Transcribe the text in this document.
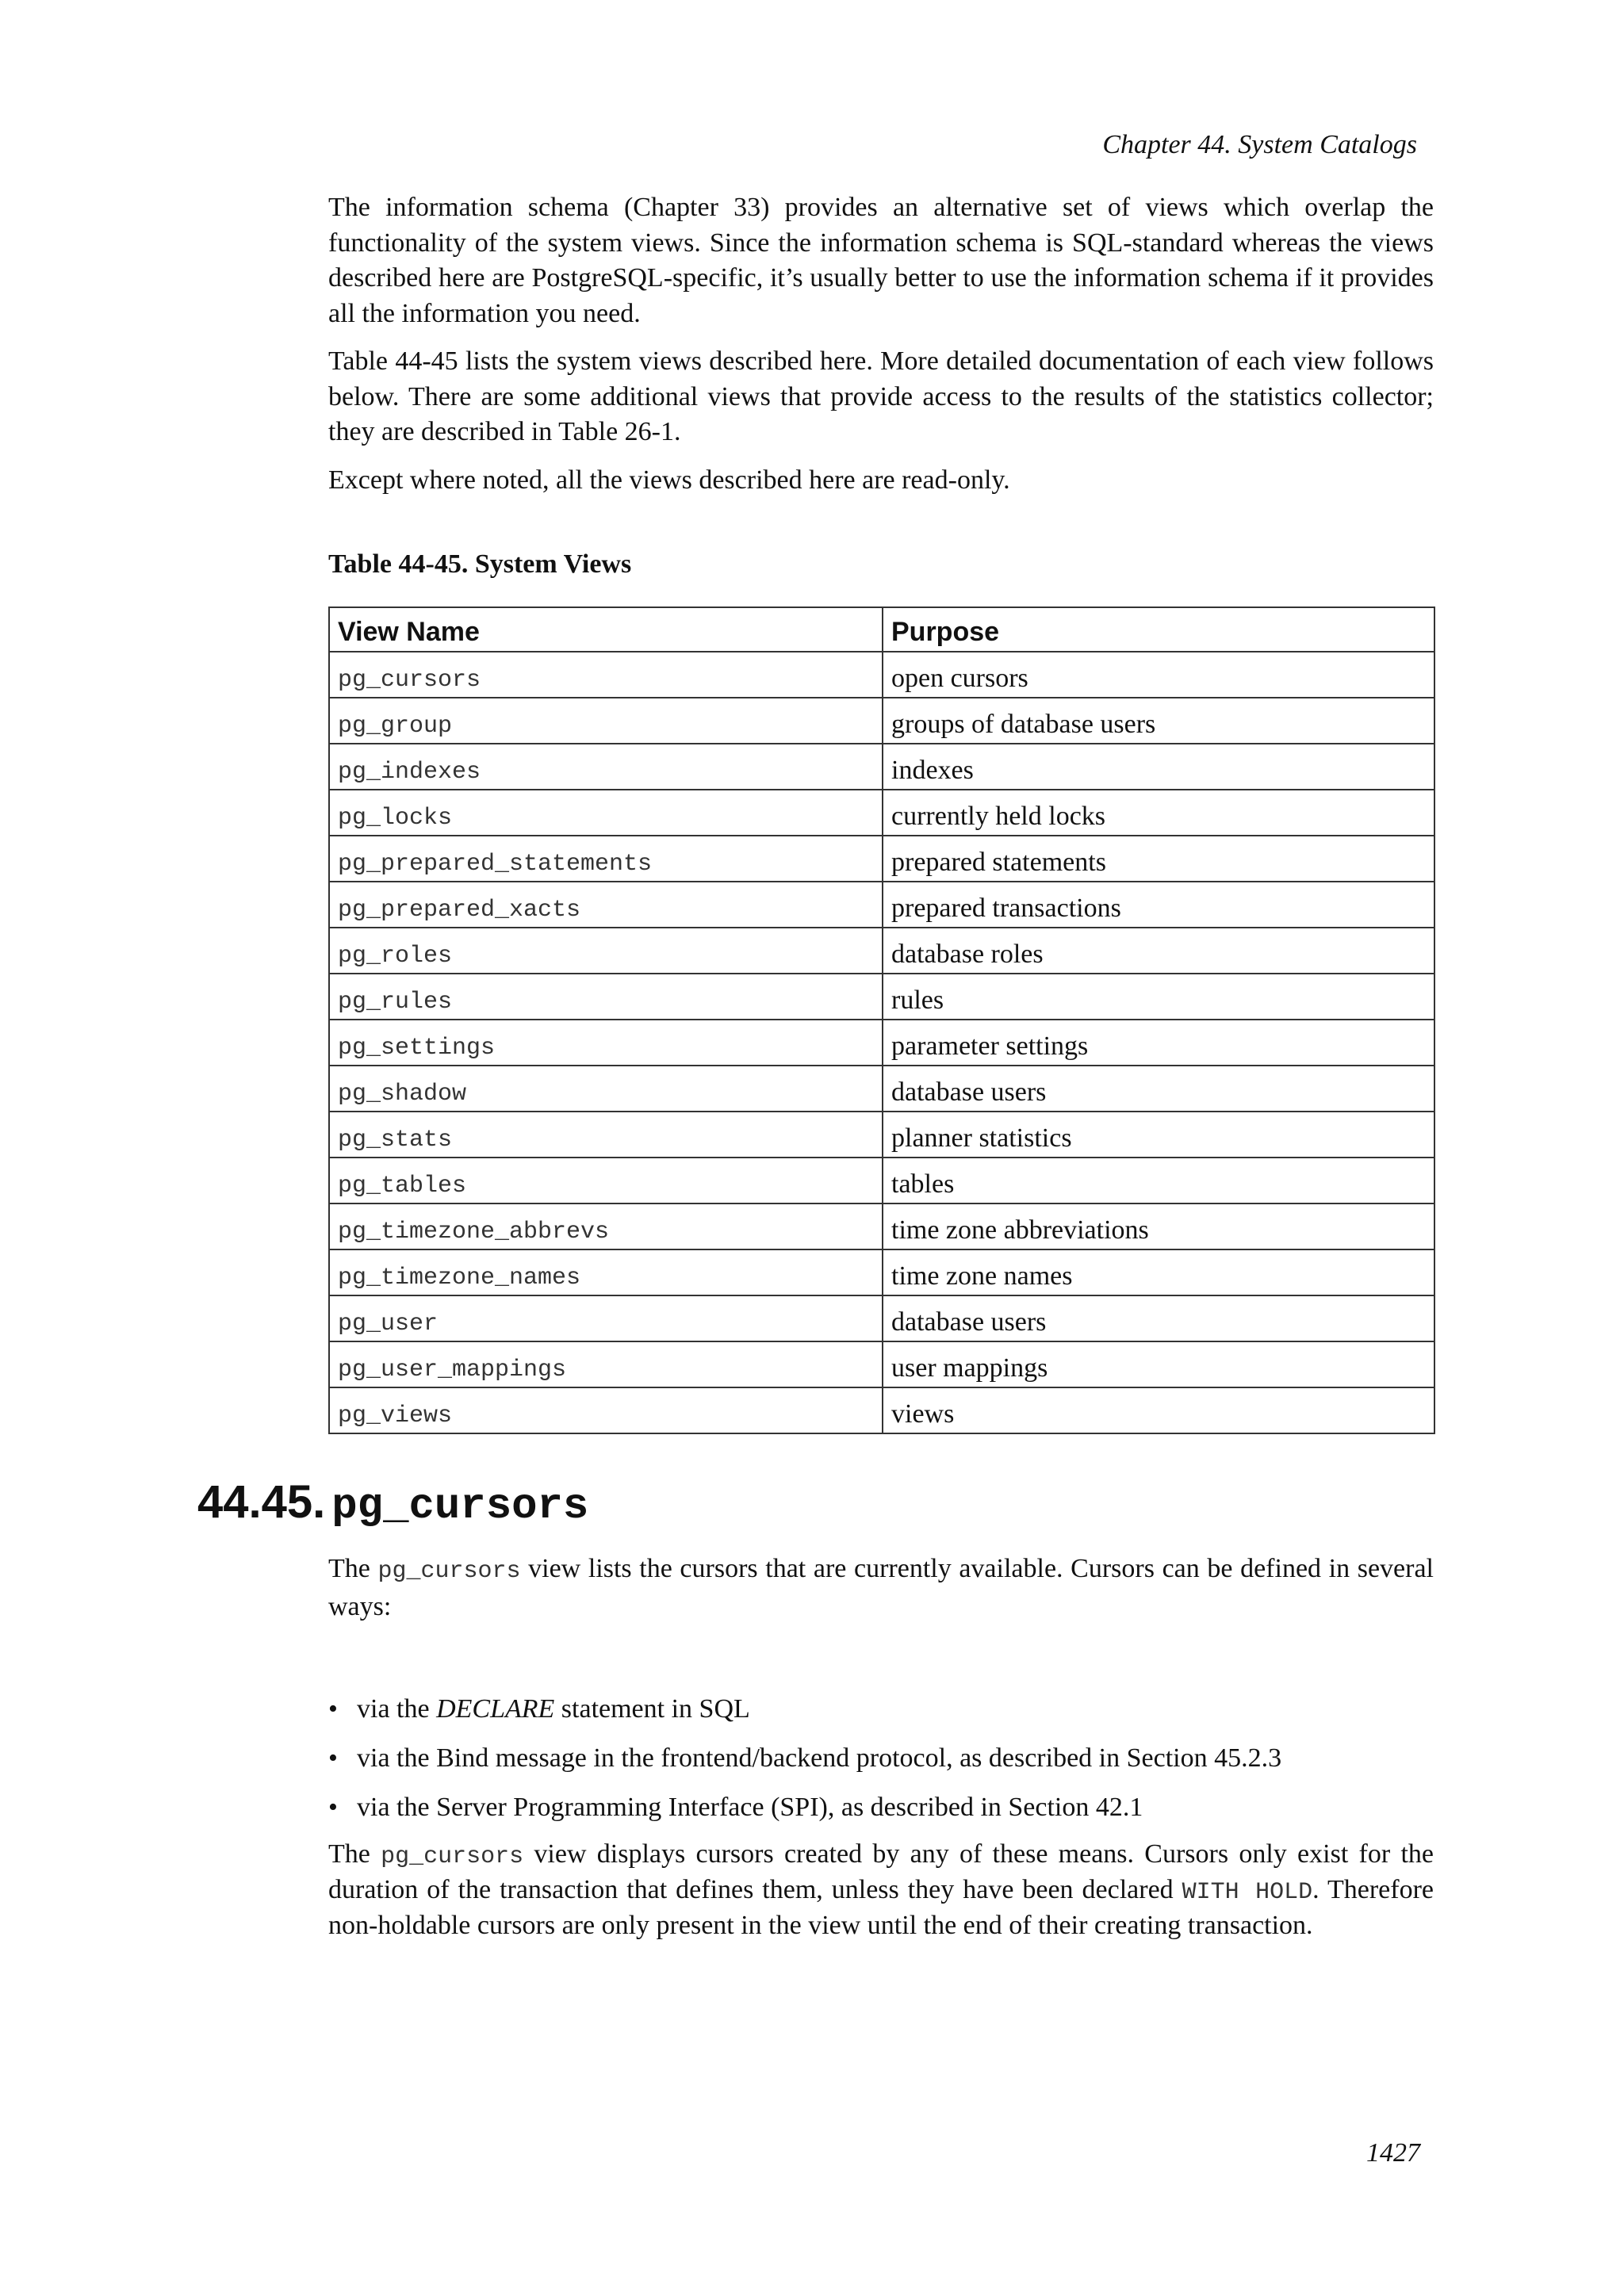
Chapter 44. System Catalogs

The information schema (Chapter 33) provides an alternative set of views which overlap the functionality of the system views. Since the information schema is SQL-standard whereas the views described here are PostgreSQL-specific, it’s usually better to use the information schema if it provides all the information you need.

Table 44-45 lists the system views described here. More detailed documentation of each view follows below. There are some additional views that provide access to the results of the statistics collector; they are described in Table 26-1.

Except where noted, all the views described here are read-only.

Table 44-45. System Views
View Name	Purpose
pg_cursors	open cursors
pg_group	groups of database users
pg_indexes	indexes
pg_locks	currently held locks
pg_prepared_statements	prepared statements
pg_prepared_xacts	prepared transactions
pg_roles	database roles
pg_rules	rules
pg_settings	parameter settings
pg_shadow	database users
pg_stats	planner statistics
pg_tables	tables
pg_timezone_abbrevs	time zone abbreviations
pg_timezone_names	time zone names
pg_user	database users
pg_user_mappings	user mappings
pg_views	views
44.45. pg_cursors

The pg_cursors view lists the cursors that are currently available. Cursors can be defined in several ways:

• via the DECLARE statement in SQL
• via the Bind message in the frontend/backend protocol, as described in Section 45.2.3
• via the Server Programming Interface (SPI), as described in Section 42.1

The pg_cursors view displays cursors created by any of these means. Cursors only exist for the duration of the transaction that defines them, unless they have been declared WITH HOLD. Therefore non-holdable cursors are only present in the view until the end of their creating transaction.

1427
